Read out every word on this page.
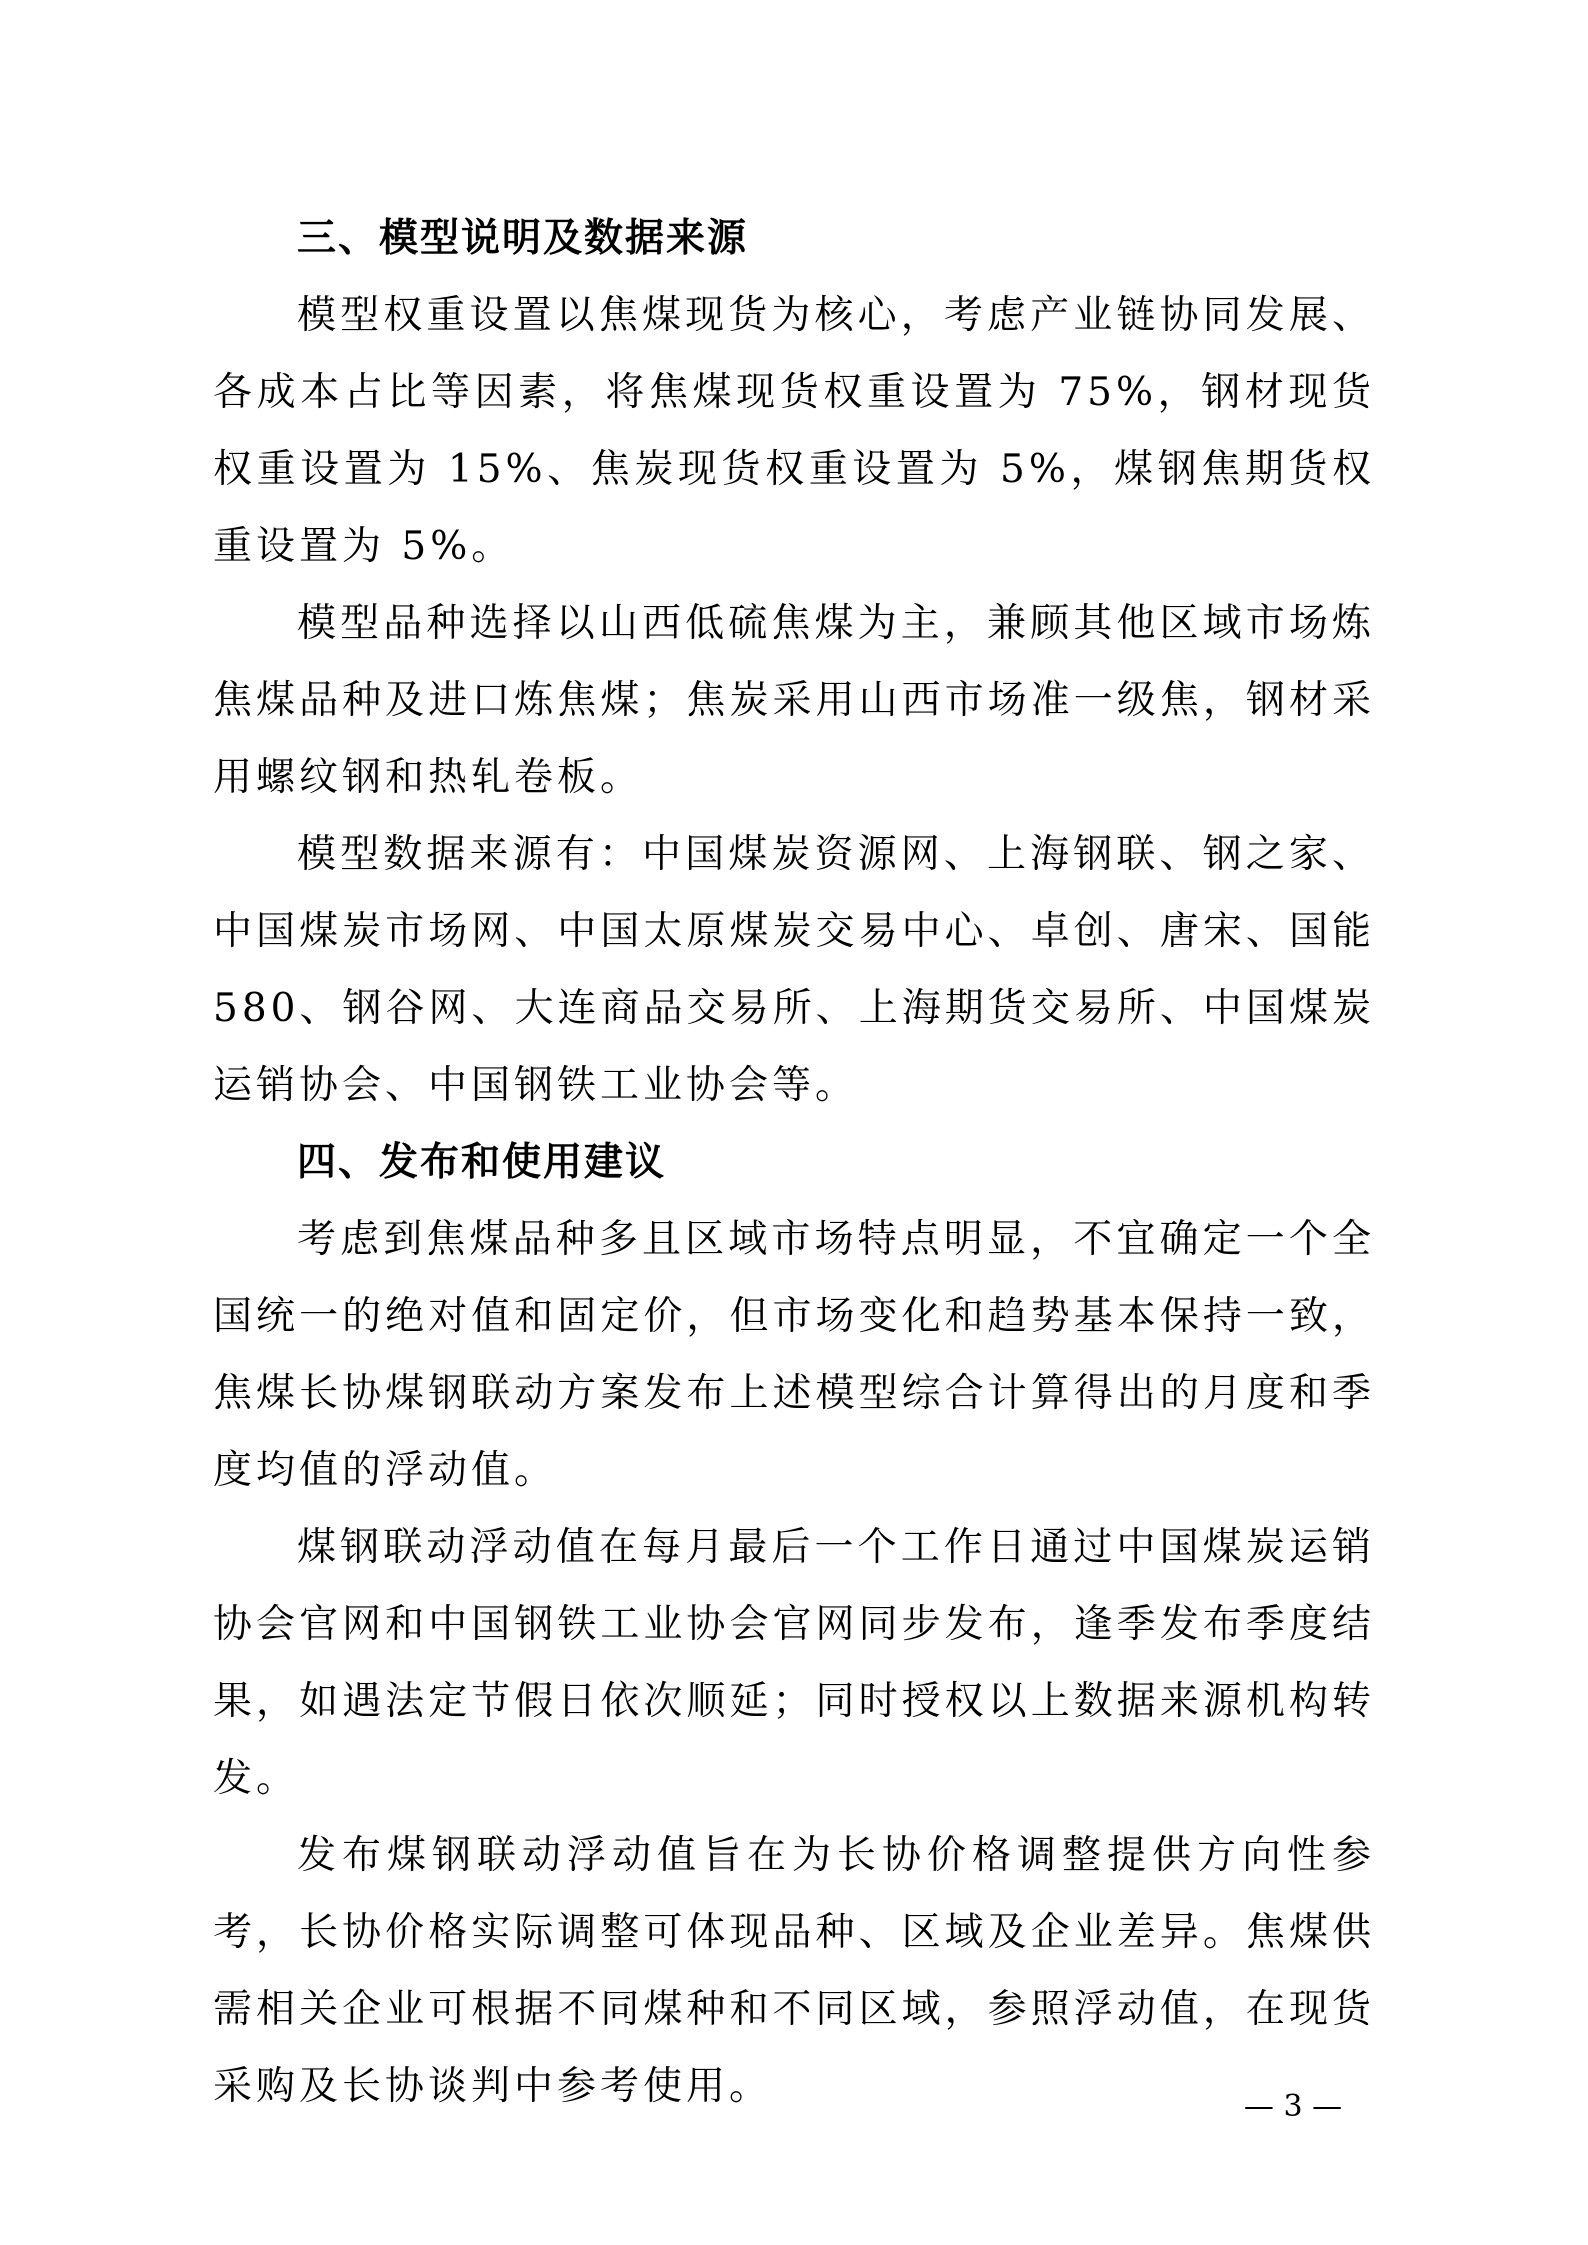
三、模型说明及数据来源

模型权重设置以焦煤现货为核心，考虑产业链协同发展、各成本占比等因素，将焦煤现货权重设置为 75%，钢材现货权重设置为 15%、焦炭现货权重设置为 5%，煤钢焦期货权重设置为 5%。

模型品种选择以山西低硫焦煤为主，兼顾其他区域市场炼焦煤品种及进口炼焦煤；焦炭采用山西市场准一级焦，钢材采用螺纹钢和热轧卷板。

模型数据来源有：中国煤炭资源网、上海钢联、钢之家、中国煤炭市场网、中国太原煤炭交易中心、卓创、唐宋、国能 580、钢谷网、大连商品交易所、上海期货交易所、中国煤炭运销协会、中国钢铁工业协会等。

四、发布和使用建议

考虑到焦煤品种多且区域市场特点明显，不宜确定一个全国统一的绝对值和固定价，但市场变化和趋势基本保持一致，焦煤长协煤钢联动方案发布上述模型综合计算得出的月度和季度均值的浮动值。

煤钢联动浮动值在每月最后一个工作日通过中国煤炭运销协会官网和中国钢铁工业协会官网同步发布，逢季发布季度结果，如遇法定节假日依次顺延；同时授权以上数据来源机构转发。

发布煤钢联动浮动值旨在为长协价格调整提供方向性参考，长协价格实际调整可体现品种、区域及企业差异。焦煤供需相关企业可根据不同煤种和不同区域，参照浮动值，在现货采购及长协谈判中参考使用。	— 3 —
